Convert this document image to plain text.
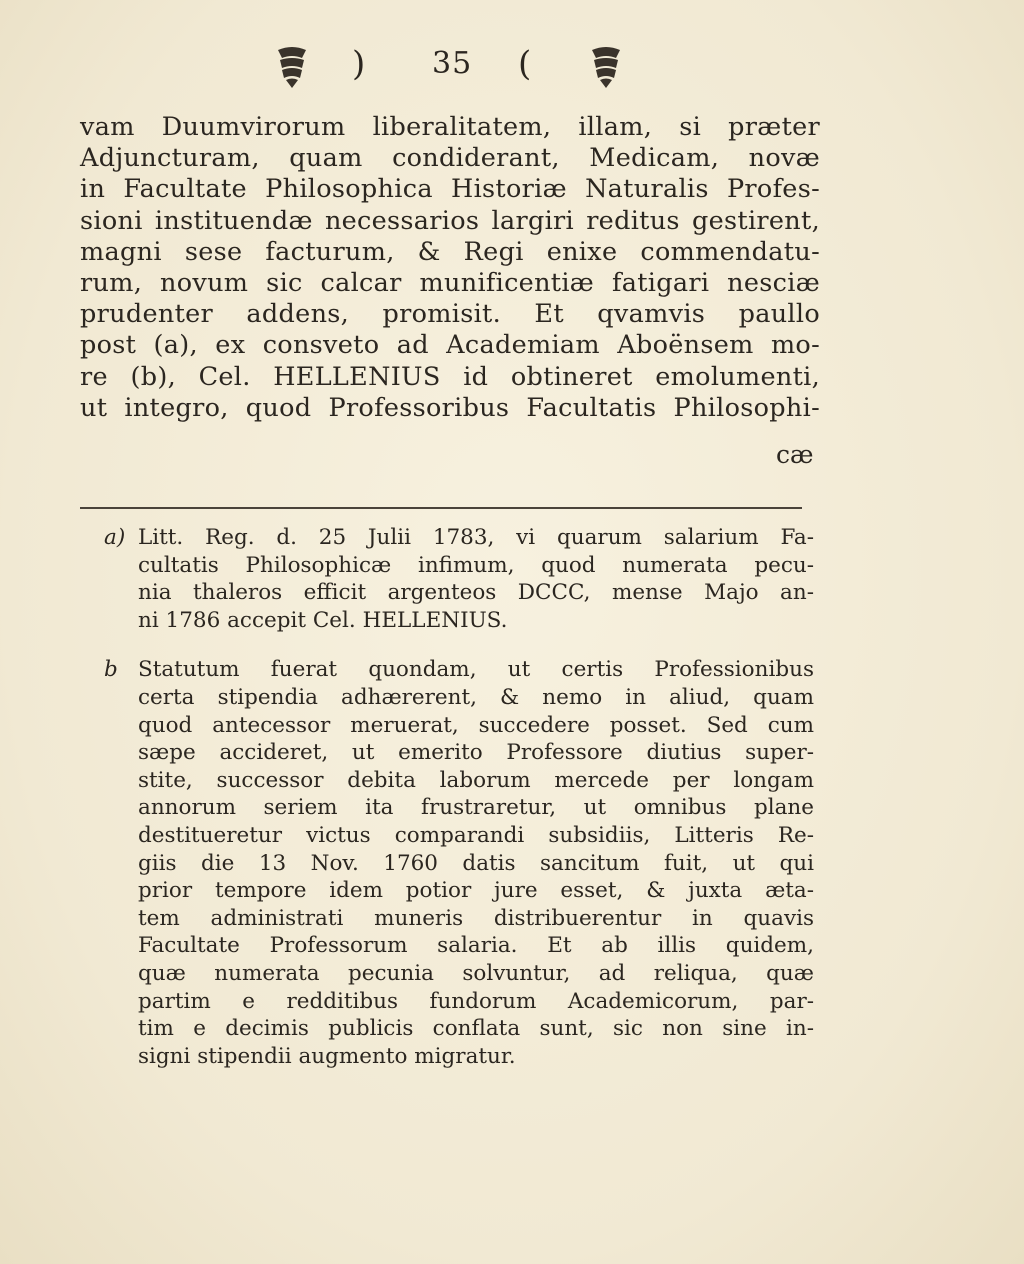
) 35 (
vam Duumvirorum liberalitatem, illam, si præter
Adjuncturam, quam condiderant, Medicam, novæ
in Facultate Philosophica Historiæ Naturalis Profes-
sioni instituendæ necessarios largiri reditus gestirent,
magni sese facturum, & Regi enixe commendatu-
rum, novum sic calcar munificentiæ fatigari nesciæ
prudenter addens, promisit. Et qvamvis paullo
post (a), ex consveto ad Academiam Aboënsem mo-
re (b), Cel. HELLENIUS id obtineret emolumenti,
ut integro, quod Professoribus Facultatis Philosophi-
cæ
a) Litt. Reg. d. 25 Julii 1783, vi quarum salarium Fa-
cultatis Philosophicæ infimum, quod numerata pecu-
nia thaleros efficit argenteos DCCC, mense Majo an-
ni 1786 accepit Cel. HELLENIUS.
b Statutum fuerat quondam, ut certis Professionibus
certa stipendia adhærerent, & nemo in aliud, quam
quod antecessor meruerat, succedere posset. Sed cum
sæpe accideret, ut emerito Professore diutius super-
stite, successor debita laborum mercede per longam
annorum seriem ita frustraretur, ut omnibus plane
destitueretur victus comparandi subsidiis, Litteris Re-
giis die 13 Nov. 1760 datis sancitum fuit, ut qui
prior tempore idem potior jure esset, & juxta æta-
tem administrati muneris distribuerentur in quavis
Facultate Professorum salaria. Et ab illis quidem,
quæ numerata pecunia solvuntur, ad reliqua, quæ
partim e redditibus fundorum Academicorum, par-
tim e decimis publicis conflata sunt, sic non sine in-
signi stipendii augmento migratur.
